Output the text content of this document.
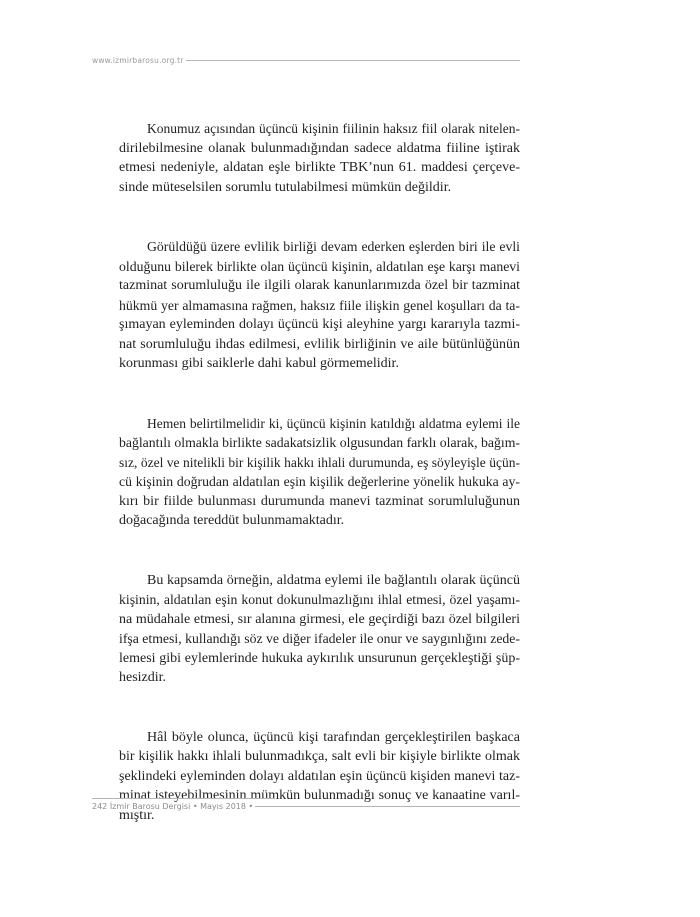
www.izmirbarosu.org.tr

Konumuz açısından üçüncü kişinin fiilinin haksız fiil olarak nitelen-
dirilebilmesine olanak bulunmadığından sadece aldatma fiiline iştirak
etmesi nedeniyle, aldatan eşle birlikte TBK’nun 61. maddesi çerçeve-
sinde müteselsilen sorumlu tutulabilmesi mümkün değildir.

Görüldüğü üzere evlilik birliği devam ederken eşlerden biri ile evli
olduğunu bilerek birlikte olan üçüncü kişinin, aldatılan eşe karşı manevi
tazminat sorumluluğu ile ilgili olarak kanunlarımızda özel bir tazminat
hükmü yer almamasına rağmen, haksız fiile ilişkin genel koşulları da ta-
şımayan eyleminden dolayı üçüncü kişi aleyhine yargı kararıyla tazmi-
nat sorumluluğu ihdas edilmesi, evlilik birliğinin ve aile bütünlüğünün
korunması gibi saiklerle dahi kabul görmemelidir.

Hemen belirtilmelidir ki, üçüncü kişinin katıldığı aldatma eylemi ile
bağlantılı olmakla birlikte sadakatsizlik olgusundan farklı olarak, bağım-
sız, özel ve nitelikli bir kişilik hakkı ihlali durumunda, eş söyleyişle üçün-
cü kişinin doğrudan aldatılan eşin kişilik değerlerine yönelik hukuka ay-
kırı bir fiilde bulunması durumunda manevi tazminat sorumluluğunun
doğacağında tereddüt bulunmamaktadır.

Bu kapsamda örneğin, aldatma eylemi ile bağlantılı olarak üçüncü
kişinin, aldatılan eşin konut dokunulmazlığını ihlal etmesi, özel yaşamı-
na müdahale etmesi, sır alanına girmesi, ele geçirdiği bazı özel bilgileri
ifşa etmesi, kullandığı söz ve diğer ifadeler ile onur ve saygınlığını zede-
lemesi gibi eylemlerinde hukuka aykırılık unsurunun gerçekleştiği şüp-
hesizdir.

Hâl böyle olunca, üçüncü kişi tarafından gerçekleştirilen başkaca
bir kişilik hakkı ihlali bulunmadıkça, salt evli bir kişiyle birlikte olmak
şeklindeki eyleminden dolayı aldatılan eşin üçüncü kişiden manevi taz-
minat isteyebilmesinin mümkün bulunmadığı sonuç ve kanaatine varıl-
mıştır.

242 İzmir Barosu Dergisi • Mayıs 2018 •
